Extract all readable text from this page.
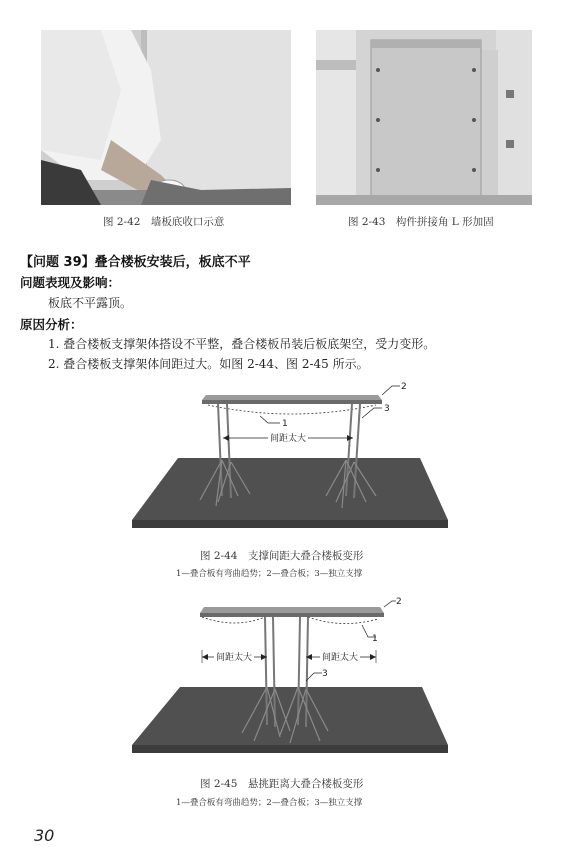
图 2-42　墙板底收口示意	图 2-43　构件拼接角 L 形加固
【问题 39】叠合楼板安装后，板底不平
问题表现及影响：
板底不平露顶。
原因分析：
1. 叠合楼板支撑架体搭设不平整，叠合楼板吊装后板底架空，受力变形。
2. 叠合楼板支撑架体间距过大。如图 2-44、图 2-45 所示。
间距太大
1
2
3
图 2-44　支撑间距大叠合楼板变形
1—叠合板有弯曲趋势；2—叠合板；3—独立支撑
间距太大	间距太大
1
2
3
图 2-45　悬挑距离大叠合楼板变形
1—叠合板有弯曲趋势；2—叠合板；3—独立支撑
30
